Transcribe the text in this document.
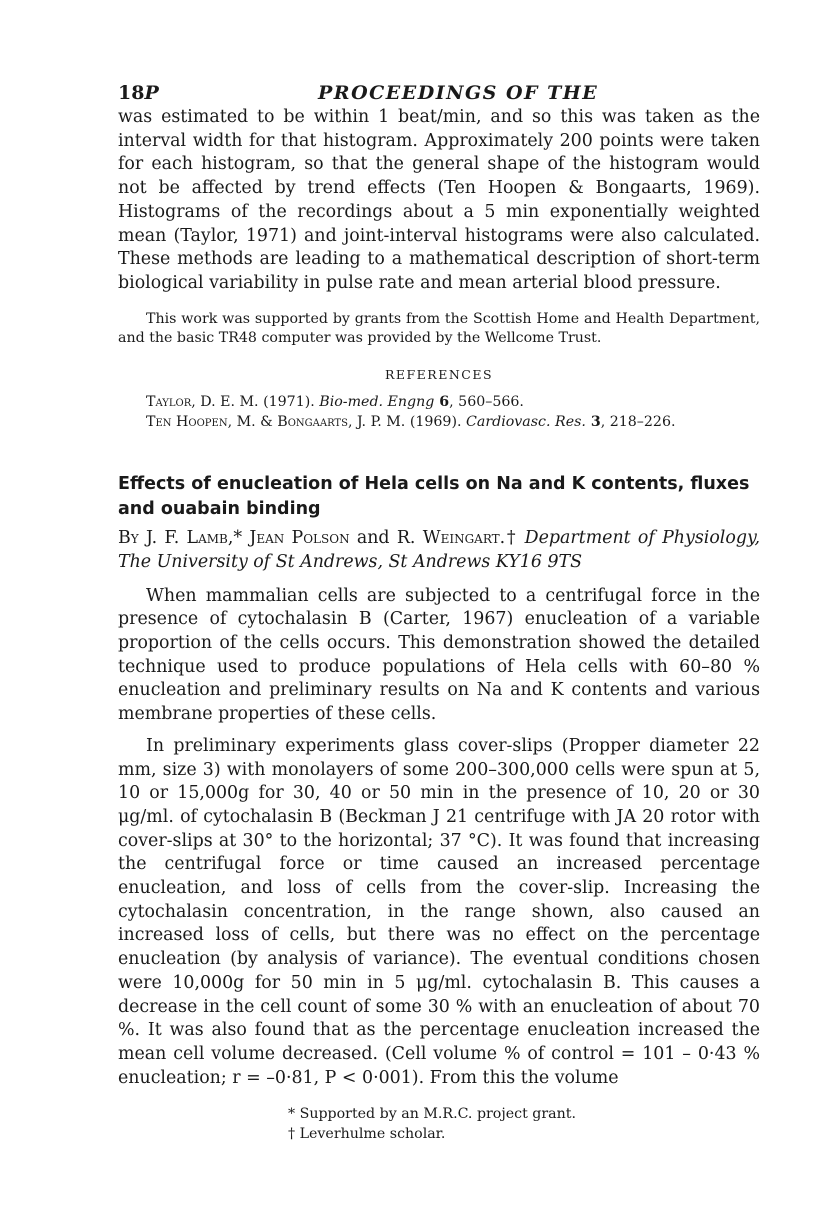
18P	PROCEEDINGS OF THE

was estimated to be within 1 beat/min, and so this was taken as the interval width for that histogram. Approximately 200 points were taken for each histogram, so that the general shape of the histogram would not be affected by trend effects (Ten Hoopen & Bongaarts, 1969). Histograms of the recordings about a 5 min exponentially weighted mean (Taylor, 1971) and joint-interval histograms were also calculated. These methods are leading to a mathematical description of short-term biological variability in pulse rate and mean arterial blood pressure.

This work was supported by grants from the Scottish Home and Health Department, and the basic TR48 computer was provided by the Wellcome Trust.

REFERENCES
Taylor, D. E. M. (1971). Bio-med. Engng 6, 560–566.
Ten Hoopen, M. & Bongaarts, J. P. M. (1969). Cardiovasc. Res. 3, 218–226.
Effects of enucleation of Hela cells on Na and K contents, fluxes and ouabain binding

By J. F. Lamb,* Jean Polson and R. Weingart.† Department of Physiology, The University of St Andrews, St Andrews KY16 9TS

When mammalian cells are subjected to a centrifugal force in the presence of cytochalasin B (Carter, 1967) enucleation of a variable proportion of the cells occurs. This demonstration showed the detailed technique used to produce populations of Hela cells with 60–80 % enucleation and preliminary results on Na and K contents and various membrane properties of these cells.

In preliminary experiments glass cover-slips (Propper diameter 22 mm, size 3) with monolayers of some 200–300,000 cells were spun at 5, 10 or 15,000g for 30, 40 or 50 min in the presence of 10, 20 or 30 μg/ml. of cytochalasin B (Beckman J 21 centrifuge with JA 20 rotor with cover-slips at 30° to the horizontal; 37 °C). It was found that increasing the centrifugal force or time caused an increased percentage enucleation, and loss of cells from the cover-slip. Increasing the cytochalasin concentration, in the range shown, also caused an increased loss of cells, but there was no effect on the percentage enucleation (by analysis of variance). The eventual conditions chosen were 10,000g for 50 min in 5 μg/ml. cytochalasin B. This causes a decrease in the cell count of some 30 % with an enucleation of about 70 %. It was also found that as the percentage enucleation increased the mean cell volume decreased. (Cell volume % of control = 101 – 0·43 % enucleation; r = –0·81, P < 0·001). From this the volume

* Supported by an M.R.C. project grant.
† Leverhulme scholar.
